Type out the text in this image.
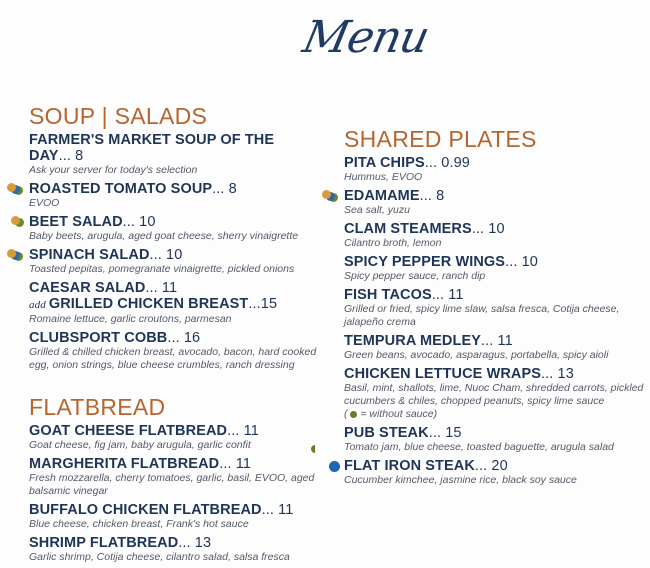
Menu
SOUP | SALADS
FARMER'S MARKET SOUP OF THE DAY... 8
Ask your server for today's selection
ROASTED TOMATO SOUP... 8
EVOO
BEET SALAD... 10
Baby beets, arugula, aged goat cheese, sherry vinaigrette
SPINACH SALAD... 10
Toasted pepitas, pomegranate vinaigrette, pickled onions
CAESAR SALAD... 11
add GRILLED CHICKEN BREAST...15
Romaine lettuce, garlic croutons, parmesan
CLUBSPORT COBB... 16
Grilled & chilled chicken breast, avocado, bacon, hard cooked egg, onion strings, blue cheese crumbles, ranch dressing
FLATBREAD
GOAT CHEESE FLATBREAD... 11
Goat cheese, fig jam, baby arugula, garlic confit
MARGHERITA FLATBREAD... 11
Fresh mozzarella, cherry tomatoes, garlic, basil, EVOO, aged balsamic vinegar
BUFFALO CHICKEN FLATBREAD... 11
Blue cheese, chicken breast, Frank's hot sauce
SHRIMP FLATBREAD... 13
Garlic shrimp, Cotija cheese, cilantro salad, salsa fresca
SHARED PLATES
PITA CHIPS... 0.99
Hummus, EVOO
EDAMAME... 8
Sea salt, yuzu
CLAM STEAMERS... 10
Cilantro broth, lemon
SPICY PEPPER WINGS... 10
Spicy pepper sauce, ranch dip
FISH TACOS... 11
Grilled or fried, spicy lime slaw, salsa fresca, Cotija cheese, jalapeño crema
TEMPURA MEDLEY... 11
Green beans, avocado, asparagus, portabella, spicy aioli
CHICKEN LETTUCE WRAPS... 13
Basil, mint, shallots, lime, Nuoc Cham, shredded carrots, pickled cucumbers & chiles, chopped peanuts, spicy lime sauce
( = without sauce)
PUB STEAK... 15
Tomato jam, blue cheese, toasted baguette, arugula salad
FLAT IRON STEAK... 20
Cucumber kimchee, jasmine rice, black soy sauce
